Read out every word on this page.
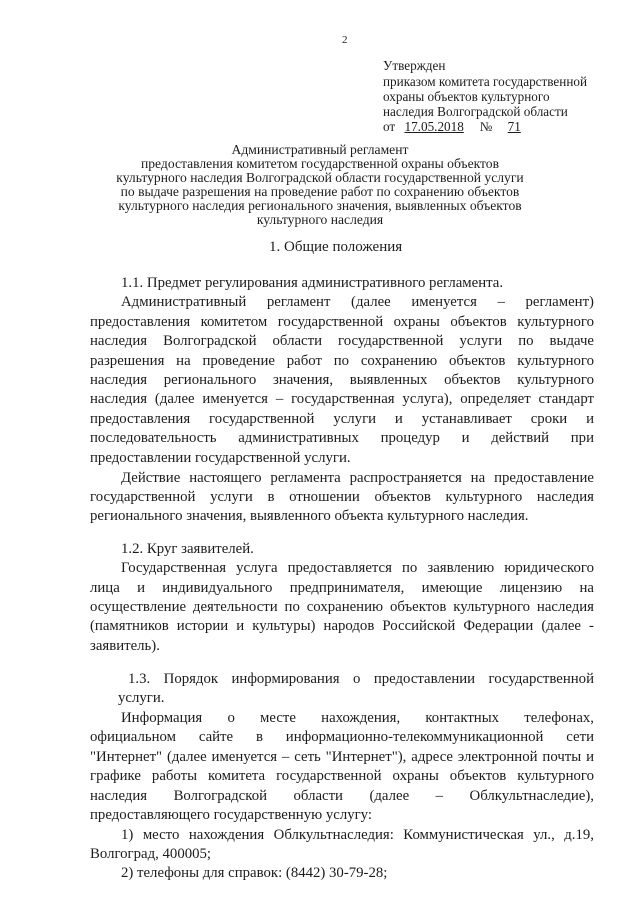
2
Утвержден
приказом комитета государственной
охраны объектов культурного
наследия Волгоградской области
от 17.05.2018 № 71
Административный регламент
предоставления комитетом государственной охраны объектов
культурного наследия Волгоградской области государственной услуги
по выдаче разрешения на проведение работ по сохранению объектов
культурного наследия регионального значения, выявленных объектов
культурного наследия
1. Общие положения
1.1. Предмет регулирования административного регламента.
Административный регламент (далее именуется – регламент)
предоставления комитетом государственной охраны объектов культурного
наследия Волгоградской области государственной услуги по выдаче
разрешения на проведение работ по сохранению объектов культурного
наследия регионального значения, выявленных объектов культурного
наследия (далее именуется – государственная услуга), определяет стандарт
предоставления государственной услуги и устанавливает сроки и
последовательность административных процедур и действий при
предоставлении государственной услуги.
Действие настоящего регламента распространяется на предоставление
государственной услуги в отношении объектов культурного наследия
регионального значения, выявленного объекта культурного наследия.
1.2. Круг заявителей.
Государственная услуга предоставляется по заявлению юридического
лица и индивидуального предпринимателя, имеющие лицензию на
осуществление деятельности по сохранению объектов культурного наследия
(памятников истории и культуры) народов Российской Федерации (далее -
заявитель).
1.3. Порядок информирования о предоставлении государственной
услуги.
Информация о месте нахождения, контактных телефонах,
официальном сайте в информационно-телекоммуникационной сети
"Интернет" (далее именуется – сеть "Интернет"), адресе электронной почты и
графике работы комитета государственной охраны объектов культурного
наследия Волгоградской области (далее – Облкультнаследие),
предоставляющего государственную услугу:
1) место нахождения Облкультнаследия: Коммунистическая ул., д.19,
Волгоград, 400005;
2) телефоны для справок: (8442) 30-79-28;
